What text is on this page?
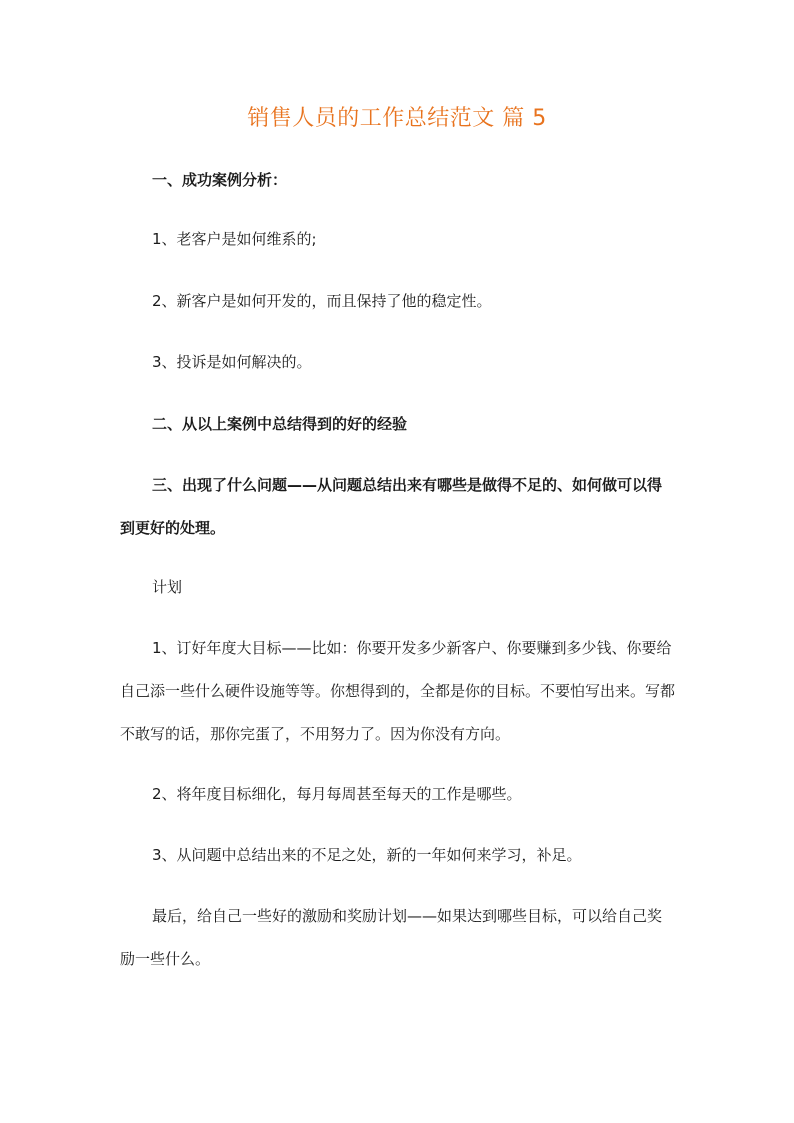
销售人员的工作总结范文 篇 5
一、成功案例分析：
1、老客户是如何维系的;
2、新客户是如何开发的，而且保持了他的稳定性。
3、投诉是如何解决的。
二、从以上案例中总结得到的好的经验
三、出现了什么问题——从问题总结出来有哪些是做得不足的、如何做可以得到更好的处理。
计划
1、订好年度大目标——比如：你要开发多少新客户、你要赚到多少钱、你要给自己添一些什么硬件设施等等。你想得到的，全都是你的目标。不要怕写出来。写都不敢写的话，那你完蛋了，不用努力了。因为你没有方向。
2、将年度目标细化，每月每周甚至每天的工作是哪些。
3、从问题中总结出来的不足之处，新的一年如何来学习，补足。
最后，给自己一些好的激励和奖励计划——如果达到哪些目标，可以给自己奖励一些什么。
